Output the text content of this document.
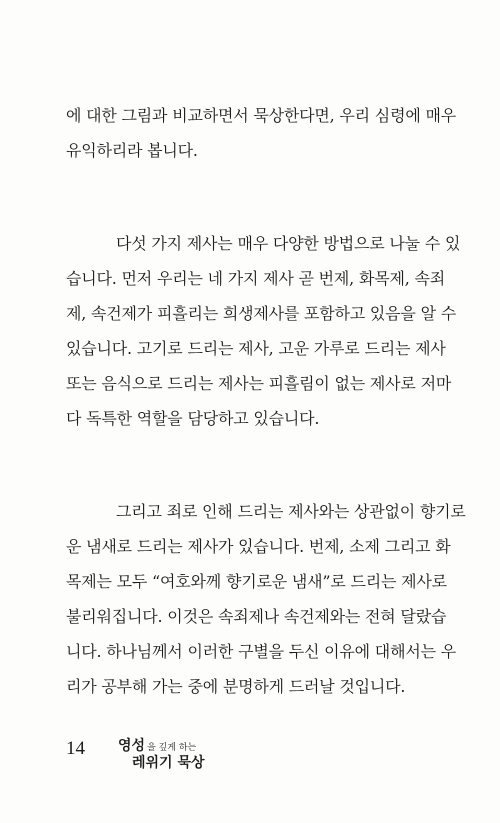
에 대한 그림과 비교하면서 묵상한다면, 우리 심령에 매우
유익하리라 봅니다.
다섯 가지 제사는 매우 다양한 방법으로 나눌 수 있
습니다. 먼저 우리는 네 가지 제사 곧 번제, 화목제, 속죄
제, 속건제가 피흘리는 희생제사를 포함하고 있음을 알 수
있습니다. 고기로 드리는 제사, 고운 가루로 드리는 제사
또는 음식으로 드리는 제사는 피흘림이 없는 제사로 저마
다 독특한 역할을 담당하고 있습니다.
그리고 죄로 인해 드리는 제사와는 상관없이 향기로
운 냄새로 드리는 제사가 있습니다. 번제, 소제 그리고 화
목제는 모두 “여호와께 향기로운 냄새”로 드리는 제사로
불리워집니다. 이것은 속죄제나 속건제와는 전혀 달랐습
니다. 하나님께서 이러한 구별을 두신 이유에 대해서는 우
리가 공부해 가는 중에 분명하게 드러날 것입니다.
14 영성 을 깊게 하는
레위기 묵상
